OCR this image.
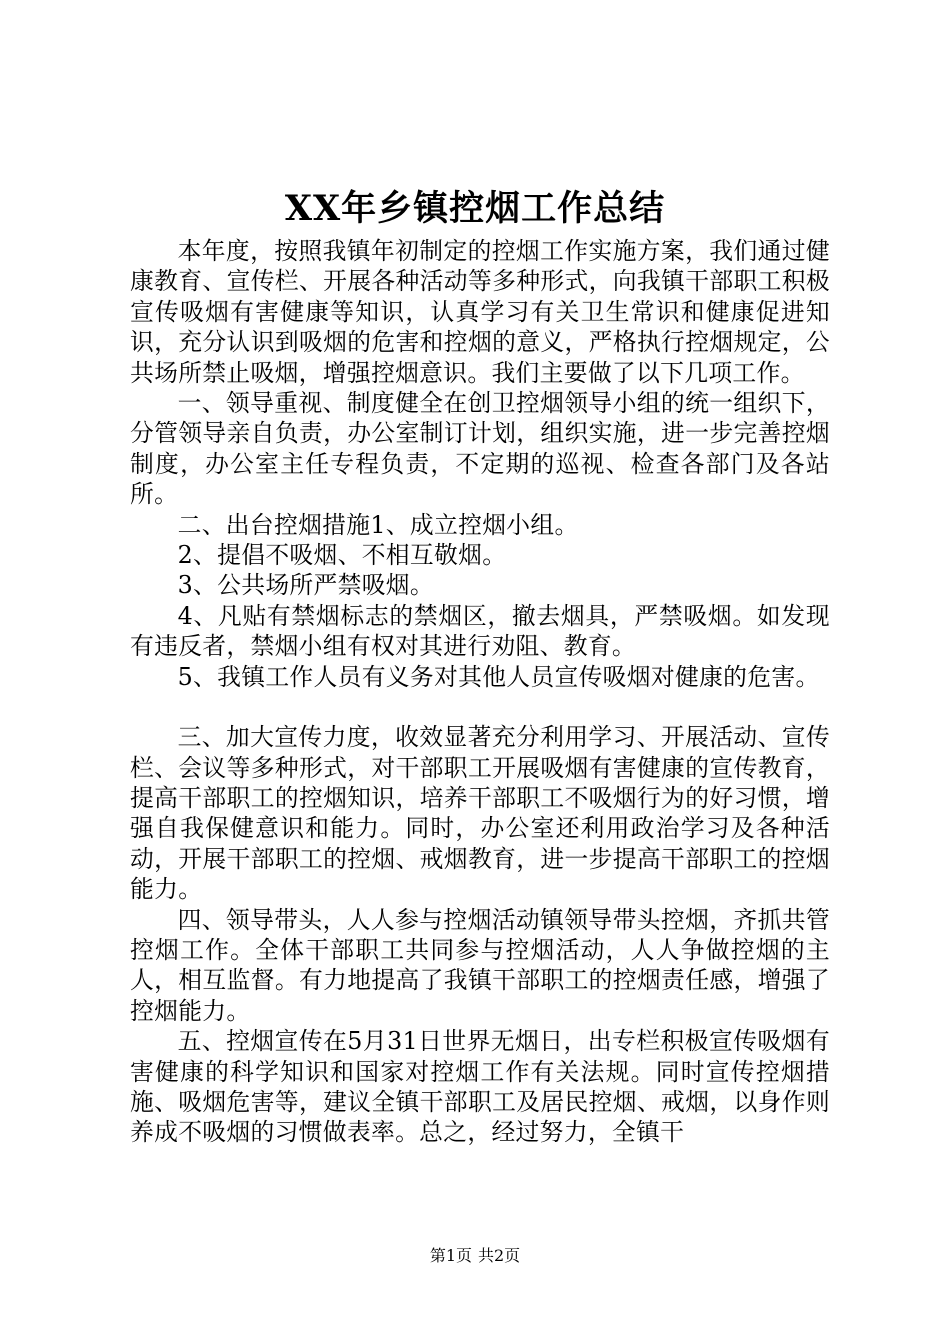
XX年乡镇控烟工作总结

本年度，按照我镇年初制定的控烟工作实施方案，我们通过健康教育、宣传栏、开展各种活动等多种形式，向我镇干部职工积极宣传吸烟有害健康等知识，认真学习有关卫生常识和健康促进知识，充分认识到吸烟的危害和控烟的意义，严格执行控烟规定，公共场所禁止吸烟，增强控烟意识。我们主要做了以下几项工作。

一、领导重视、制度健全在创卫控烟领导小组的统一组织下，分管领导亲自负责，办公室制订计划，组织实施，进一步完善控烟制度，办公室主任专程负责，不定期的巡视、检查各部门及各站所。

二、出台控烟措施1、成立控烟小组。

2、提倡不吸烟、不相互敬烟。

3、公共场所严禁吸烟。

4、凡贴有禁烟标志的禁烟区，撤去烟具，严禁吸烟。如发现有违反者，禁烟小组有权对其进行劝阻、教育。

5、我镇工作人员有义务对其他人员宣传吸烟对健康的危害。

三、加大宣传力度，收效显著充分利用学习、开展活动、宣传栏、会议等多种形式，对干部职工开展吸烟有害健康的宣传教育，提高干部职工的控烟知识，培养干部职工不吸烟行为的好习惯，增强自我保健意识和能力。同时，办公室还利用政治学习及各种活动，开展干部职工的控烟、戒烟教育，进一步提高干部职工的控烟能力。

四、领导带头，人人参与控烟活动镇领导带头控烟，齐抓共管控烟工作。全体干部职工共同参与控烟活动，人人争做控烟的主人，相互监督。有力地提高了我镇干部职工的控烟责任感，增强了控烟能力。

五、控烟宣传在5月31日世界无烟日，出专栏积极宣传吸烟有害健康的科学知识和国家对控烟工作有关法规。同时宣传控烟措施、吸烟危害等，建议全镇干部职工及居民控烟、戒烟，以身作则养成不吸烟的习惯做表率。总之，经过努力，全镇干

第1页 共2页
